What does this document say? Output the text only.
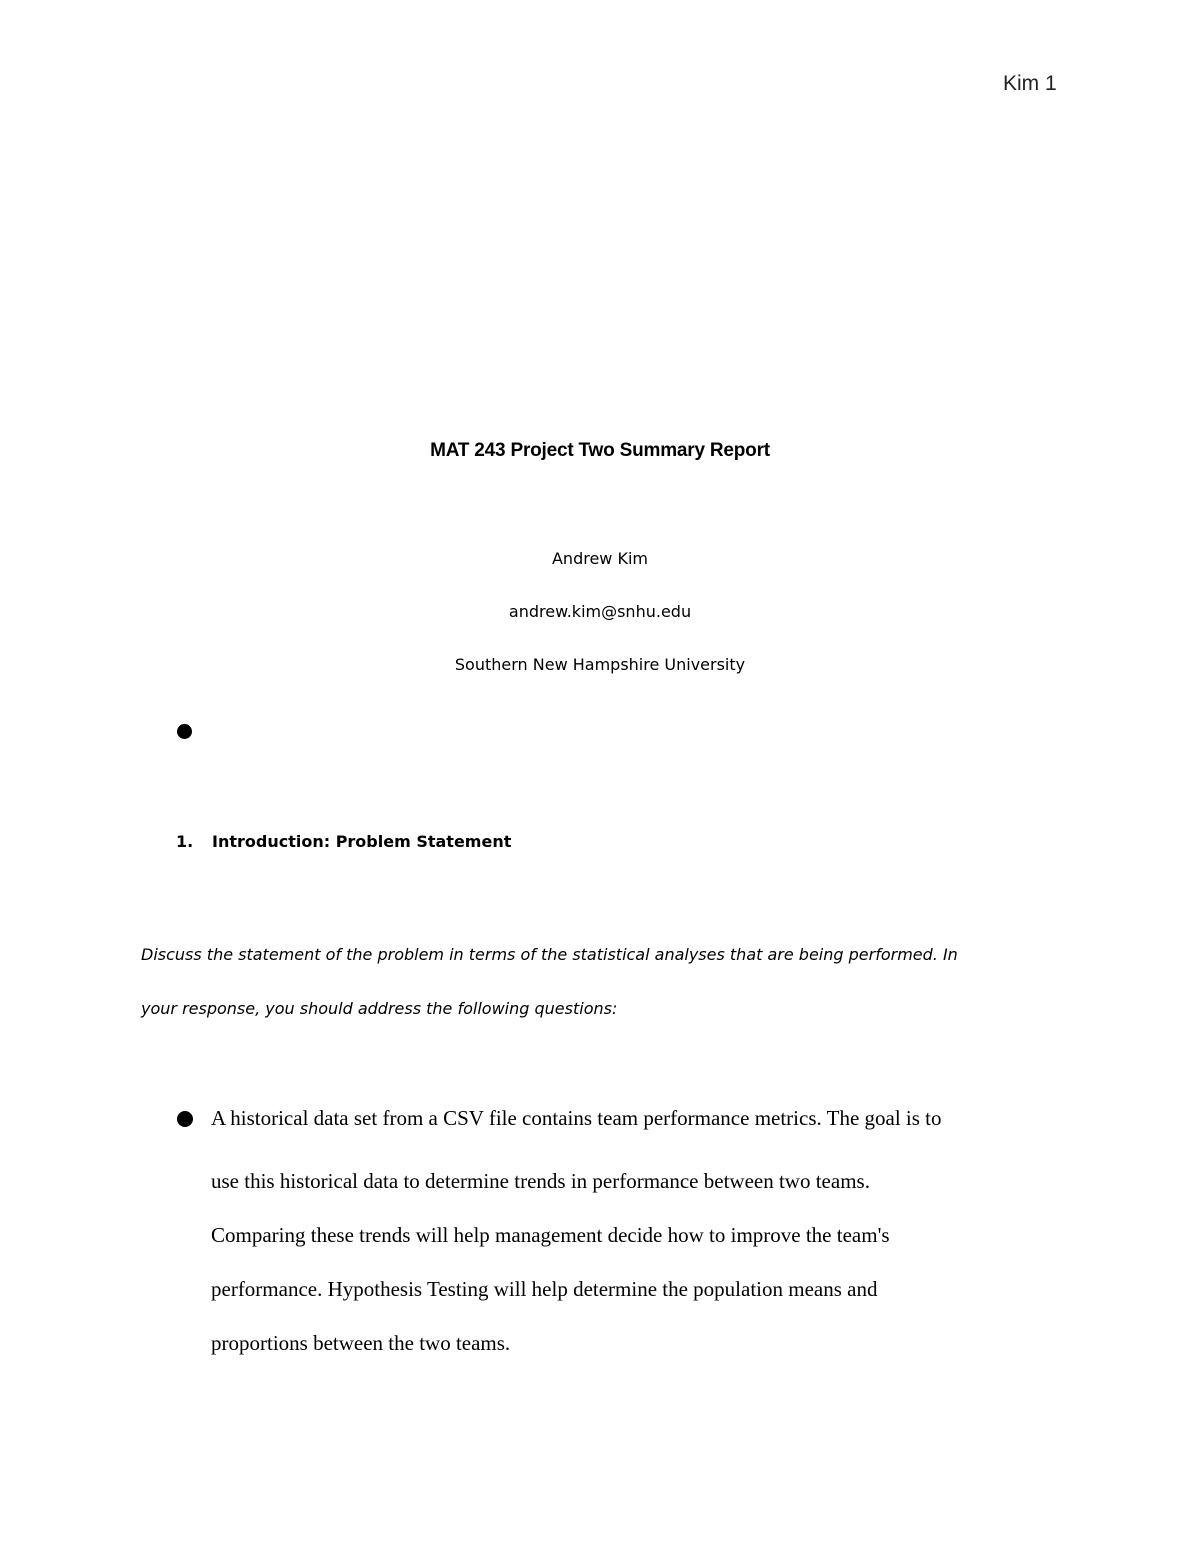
Kim 1
MAT 243 Project Two Summary Report
Andrew Kim
andrew.kim@snhu.edu
Southern New Hampshire University
1. Introduction: Problem Statement

Discuss the statement of the problem in terms of the statistical analyses that are being performed. In
your response, you should address the following questions:

A historical data set from a CSV file contains team performance metrics. The goal is to
use this historical data to determine trends in performance between two teams.
Comparing these trends will help management decide how to improve the team's
performance. Hypothesis Testing will help determine the population means and
proportions between the two teams.
